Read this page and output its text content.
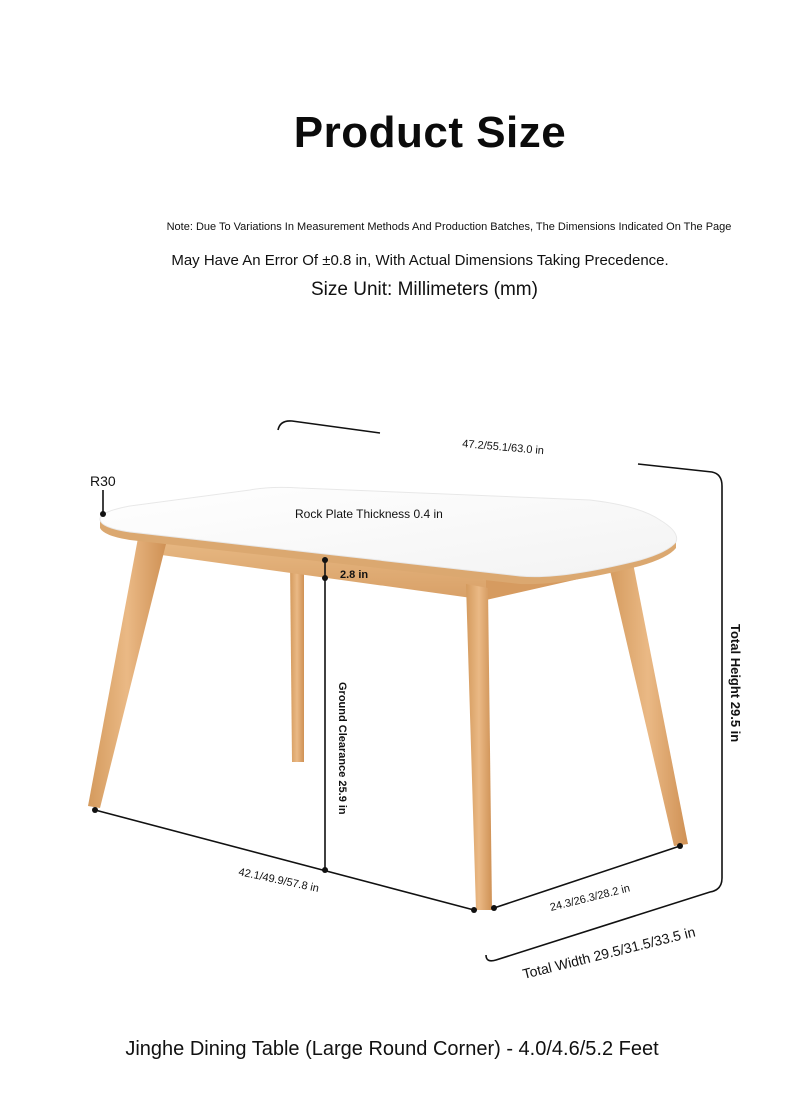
Product Size
Note: Due To Variations In Measurement Methods And Production Batches, The Dimensions Indicated On The Page
May Have An Error Of ±0.8 in, With Actual Dimensions Taking Precedence.
Size Unit: Millimeters (mm)
R30
47.2/55.1/63.0 in
Rock Plate Thickness 0.4 in
2.8 in
Ground Clearance 25.9 in	Total Height 29.5 in
42.1/49.9/57.8 in
24.3/26.3/28.2 in
Total Width 29.5/31.5/33.5 in
Jinghe Dining Table (Large Round Corner) - 4.0/4.6/5.2 Feet
